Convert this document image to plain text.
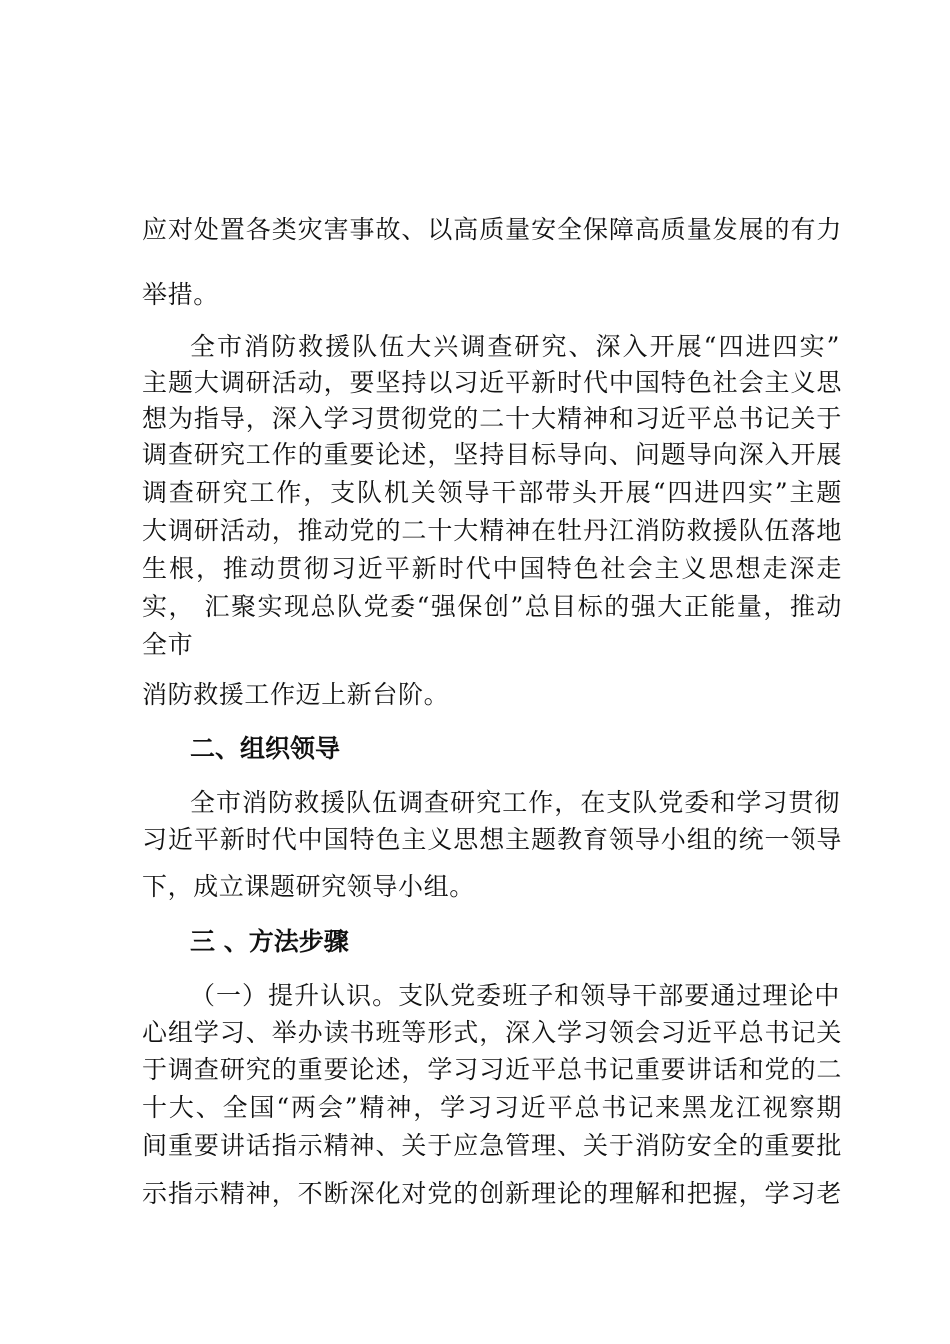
应对处置各类灾害事故、以高质量安全保障高质量发展的有力
举措。
全市消防救援队伍大兴调查研究、深入开展“四进四实”
主题大调研活动，要坚持以习近平新时代中国特色社会主义思
想为指导，深入学习贯彻党的二十大精神和习近平总书记关于
调查研究工作的重要论述，坚持目标导向、问题导向深入开展
调查研究工作，支队机关领导干部带头开展“四进四实”主题
大调研活动，推动党的二十大精神在牡丹江消防救援队伍落地
生根，推动贯彻习近平新时代中国特色社会主义思想走深走
实， 汇聚实现总队党委“强保创”总目标的强大正能量，推动
全市
消防救援工作迈上新台阶。
二、组织领导
全市消防救援队伍调查研究工作，在支队党委和学习贯彻
习近平新时代中国特色主义思想主题教育领导小组的统一领导
下，成立课题研究领导小组。
三 、方法步骤
（一）提升认识。支队党委班子和领导干部要通过理论中
心组学习、举办读书班等形式，深入学习领会习近平总书记关
于调查研究的重要论述，学习习近平总书记重要讲话和党的二
十大、全国“两会”精神，学习习近平总书记来黑龙江视察期
间重要讲话指示精神、关于应急管理、关于消防安全的重要批
示指示精神，不断深化对党的创新理论的理解和把握，学习老
